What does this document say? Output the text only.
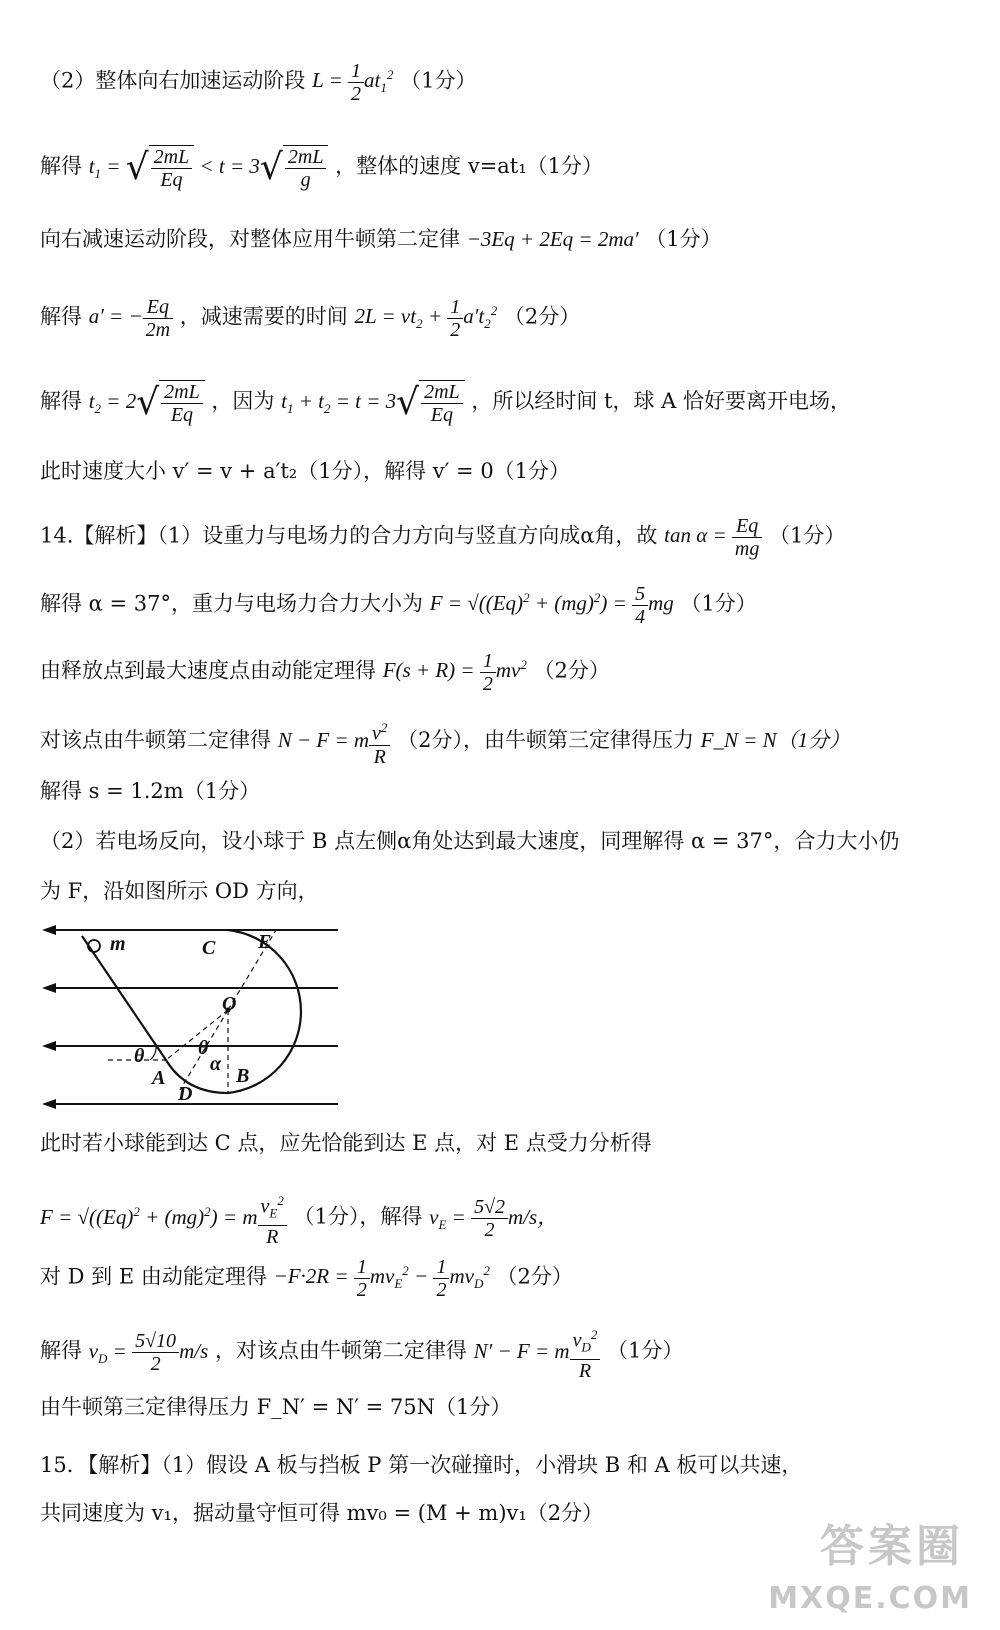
（2）整体向右加速运动阶段 $L = \frac{1}{2} at_1^2$ （1分）
解得 $t_1$ = √ $\frac{2mL}{Eq} < t = 3√ \frac{2mL}{g}$ ，整体的速度 v=at₁（1分）
向右减速运动阶段，对整体应用牛顿第二定律 −3Eq + 2Eq = 2ma′ （1分）
解得 a′ = − $\frac{Eq}{2m}$ ，减速需要的时间 $2L = vt_2 + \frac{1}{2} a't_2^2$ （2分）
解得 $t_2 = 2√ \frac{2mL}{Eq}$ ，因为 $t_1 + t_2 = t = 3√ \frac{2mL}{Eq}$ ，所以经时间 t，球 A 恰好要离开电场，
此时速度大小 v′ = v + a′t₂（1分），解得 v′ = 0（1分）
14.【解析】（1）设重力与电场力的合力方向与竖直方向成α角，故 $\tan \alpha = \frac{Eq}{mg} (1$分）
解得 α = 37°，重力与电场力合力大小为 $F = √((Eq)^2 + (mg)^2) = \frac{5}{4}$ mg （1分）
由释放点到最大速度点由动能定理得 $F(s + R) = \frac{1}{2} mv^2$ （2分）
对该点由牛顿第二定律得 N − F = m $\frac{v^2}{R} (2$分），由牛顿第三定律得压力 F_N = N（1分）
解得 s = 1.2m（1分）
（2）若电场反向，设小球于 B 点左侧α角处达到最大速度，同理解得 α = 37°，合力大小仍
为 F，沿如图所示 OD 方向，
m	C E
O
θ	θ
α
A	B
D
此时若小球能到达 C 点，应先恰能到达 E 点，对 E 点受力分析得
$F = √((Eq)^2 + (mg)^2) = m \frac{v_E^2}{R} (1$分），解得 $v_E = \frac{5√2}{2} m/s$，
对 D 到 E 由动能定理得 $-F\cdot 2R = \frac{1}{2} mv_E^2 - \frac{1}{2} mv_D^2$ （2分）
解得 $v_D = \frac{5√10}{2} m/s$ ，对该点由牛顿第二定律得 N′ − F = m $\frac{v_D^2}{R} (1$分）
由牛顿第三定律得压力 F_N′ = N′ = 75N（1分）
15．【解析】（1）假设 A 板与挡板 P 第一次碰撞时，小滑块 B 和 A 板可以共速，
共同速度为 v₁，据动量守恒可得 mv₀ = (M + m)v₁（2分）
答案圈
MXQE.COM
